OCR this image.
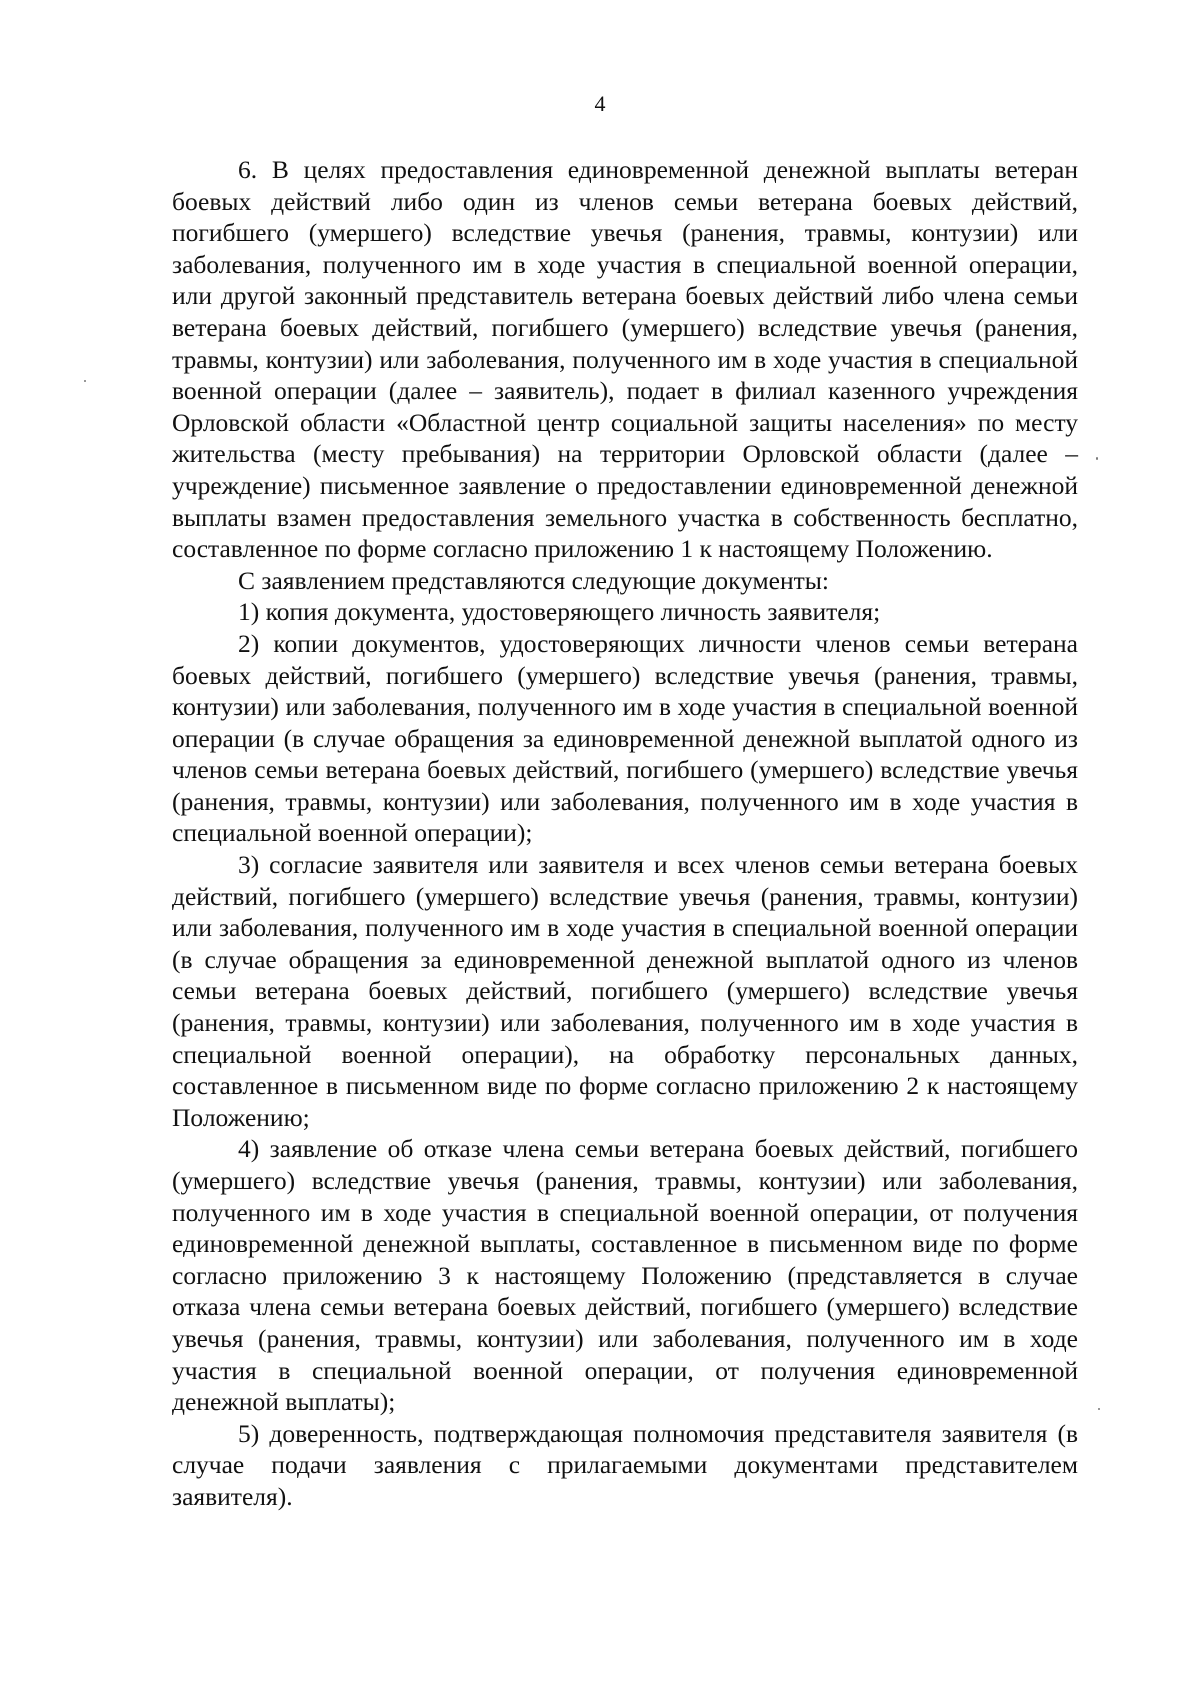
4

6. В целях предоставления единовременной денежной выплаты ветеран боевых действий либо один из членов семьи ветерана боевых действий, погибшего (умершего) вследствие увечья (ранения, травмы, контузии) или заболевания, полученного им в ходе участия в специальной военной операции, или другой законный представитель ветерана боевых действий либо члена семьи ветерана боевых действий, погибшего (умершего) вследствие увечья (ранения, травмы, контузии) или заболевания, полученного им в ходе участия в специальной военной операции (далее – заявитель), подает в филиал казенного учреждения Орловской области «Областной центр социальной защиты населения» по месту жительства (месту пребывания) на территории Орловской области (далее – учреждение) письменное заявление о предоставлении единовременной денежной выплаты взамен предоставления земельного участка в собственность бесплатно, составленное по форме согласно приложению 1 к настоящему Положению.

С заявлением представляются следующие документы:

1) копия документа, удостоверяющего личность заявителя;

2) копии документов, удостоверяющих личности членов семьи ветерана боевых действий, погибшего (умершего) вследствие увечья (ранения, травмы, контузии) или заболевания, полученного им в ходе участия в специальной военной операции (в случае обращения за единовременной денежной выплатой одного из членов семьи ветерана боевых действий, погибшего (умершего) вследствие увечья (ранения, травмы, контузии) или заболевания, полученного им в ходе участия в специальной военной операции);

3) согласие заявителя или заявителя и всех членов семьи ветерана боевых действий, погибшего (умершего) вследствие увечья (ранения, травмы, контузии) или заболевания, полученного им в ходе участия в специальной военной операции (в случае обращения за единовременной денежной выплатой одного из членов семьи ветерана боевых действий, погибшего (умершего) вследствие увечья (ранения, травмы, контузии) или заболевания, полученного им в ходе участия в специальной военной операции), на обработку персональных данных, составленное в письменном виде по форме согласно приложению 2 к настоящему Положению;

4) заявление об отказе члена семьи ветерана боевых действий, погибшего (умершего) вследствие увечья (ранения, травмы, контузии) или заболевания, полученного им в ходе участия в специальной военной операции, от получения единовременной денежной выплаты, составленное в письменном виде по форме согласно приложению 3 к настоящему Положению (представляется в случае отказа члена семьи ветерана боевых действий, погибшего (умершего) вследствие увечья (ранения, травмы, контузии) или заболевания, полученного им в ходе участия в специальной военной операции, от получения единовременной денежной выплаты);

5) доверенность, подтверждающая полномочия представителя заявителя (в случае подачи заявления с прилагаемыми документами представителем заявителя).
